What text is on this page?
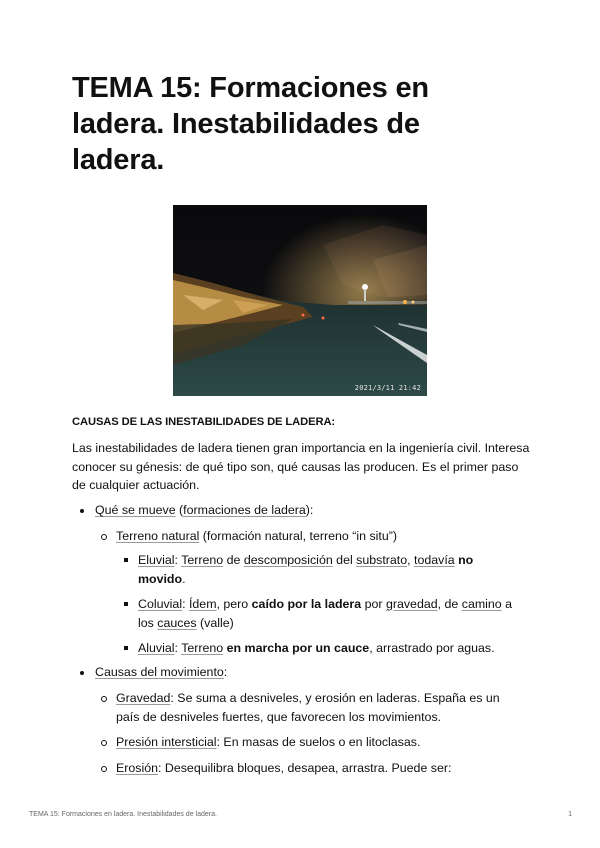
TEMA 15: Formaciones en ladera. Inestabilidades de ladera.
2021/3/11 21:42
CAUSAS DE LAS INESTABILIDADES DE LADERA:

Las inestabilidades de ladera tienen gran importancia en la ingeniería civil. Interesa conocer su génesis: de qué tipo son, qué causas las producen. Es el primer paso de cualquier actuación.

Qué se mueve (formaciones de ladera):

Terreno natural (formación natural, terreno “in situ”)

Eluvial: Terreno de descomposición del substrato, todavía no
movido.

Coluvial: Ídem, pero caído por la ladera por gravedad, de camino a
los cauces (valle)

Aluvial: Terreno en marcha por un cauce, arrastrado por aguas.

Causas del movimiento:

Gravedad: Se suma a desniveles, y erosión en laderas. España es un
país de desniveles fuertes, que favorecen los movimientos.

Presión intersticial: En masas de suelos o en litoclasas.

Erosión: Desequilibra bloques, desapea, arrastra. Puede ser:

TEMA 15: Formaciones en ladera. Inestabilidades de ladera.	1
